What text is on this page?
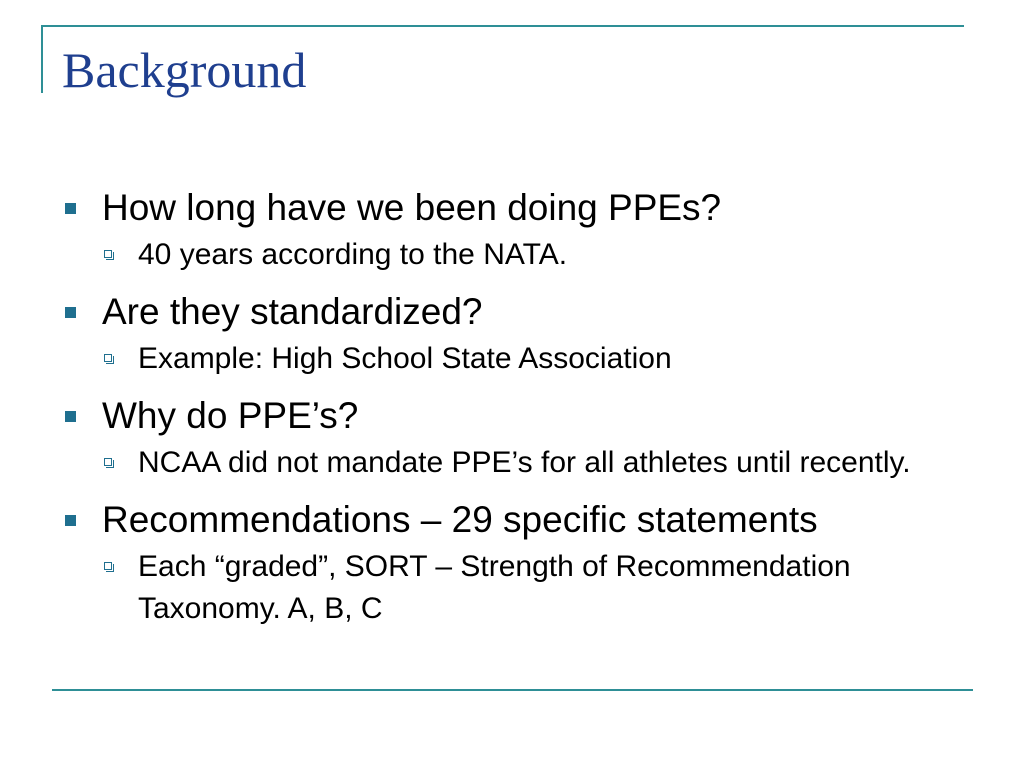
Background
How long have we been doing PPEs?
40 years according to the NATA.
Are they standardized?
Example: High School State Association
Why do PPE’s?
NCAA did not mandate PPE’s for all athletes until recently.
Recommendations – 29 specific statements
Each “graded”, SORT – Strength of Recommendation Taxonomy. A, B, C
